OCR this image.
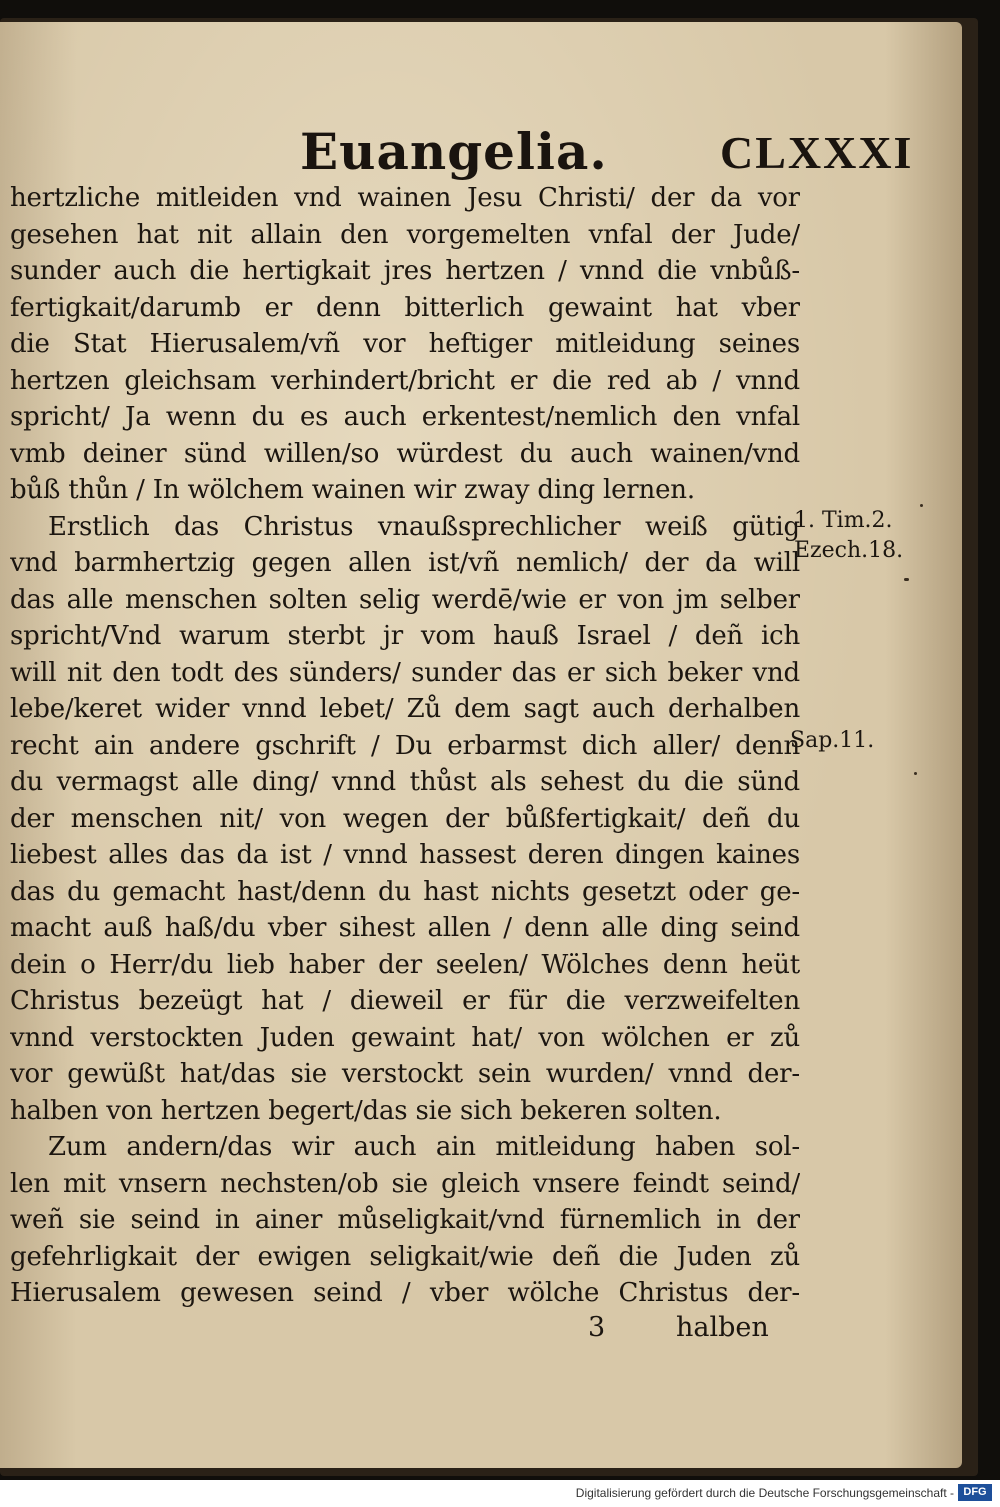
Euangelia. CLXXXI
hertzliche mitleiden vnd wainen Jesu Christi/ der da vor
gesehen hat nit allain den vorgemelten vnfal der Jude/
sunder auch die hertigkait jres hertzen / vnnd die vnbůß-
fertigkait/darumb er denn bitterlich gewaint hat vber
die Stat Hierusalem/vñ vor heftiger mitleidung seines
hertzen gleichsam verhindert/bricht er die red ab / vnnd
spricht/ Ja wenn du es auch erkentest/nemlich den vnfal
vmb deiner sünd willen/so würdest du auch wainen/vnd
bůß thůn / In wölchem wainen wir zway ding lernen.
Erstlich das Christus vnaußsprechlicher weiß gütig
vnd barmhertzig gegen allen ist/vñ nemlich/ der da will
das alle menschen solten selig werdē/wie er von jm selber
spricht/Vnd warum sterbt jr vom hauß Israel / deñ ich
will nit den todt des sünders/ sunder das er sich beker vnd
lebe/keret wider vnnd lebet/ Zů dem sagt auch derhalben
recht ain andere gschrift / Du erbarmst dich aller/ denn
du vermagst alle ding/ vnnd thůst als sehest du die sünd
der menschen nit/ von wegen der bůßfertigkait/ deñ du
liebest alles das da ist / vnnd hassest deren dingen kaines
das du gemacht hast/denn du hast nichts gesetzt oder ge-
macht auß haß/du vber sihest allen / denn alle ding seind
dein o Herr/du lieb haber der seelen/ Wölches denn heüt
Christus bezeügt hat / dieweil er für die verzweifelten
vnnd verstockten Juden gewaint hat/ von wölchen er zů
vor gewüßt hat/das sie verstockt sein wurden/ vnnd der-
halben von hertzen begert/das sie sich bekeren solten.
Zum andern/das wir auch ain mitleidung haben sol-
len mit vnsern nechsten/ob sie gleich vnsere feindt seind/
weñ sie seind in ainer můseligkait/vnd fürnemlich in der
gefehrligkait der ewigen seligkait/wie deñ die Juden zů
Hierusalem gewesen seind / vber wölche Christus der-
1. Tim.2.
Ezech.18.
Sap.11.
3	halben
Digitalisierung gefördert durch die Deutsche Forschungsgemeinschaft - DFG
